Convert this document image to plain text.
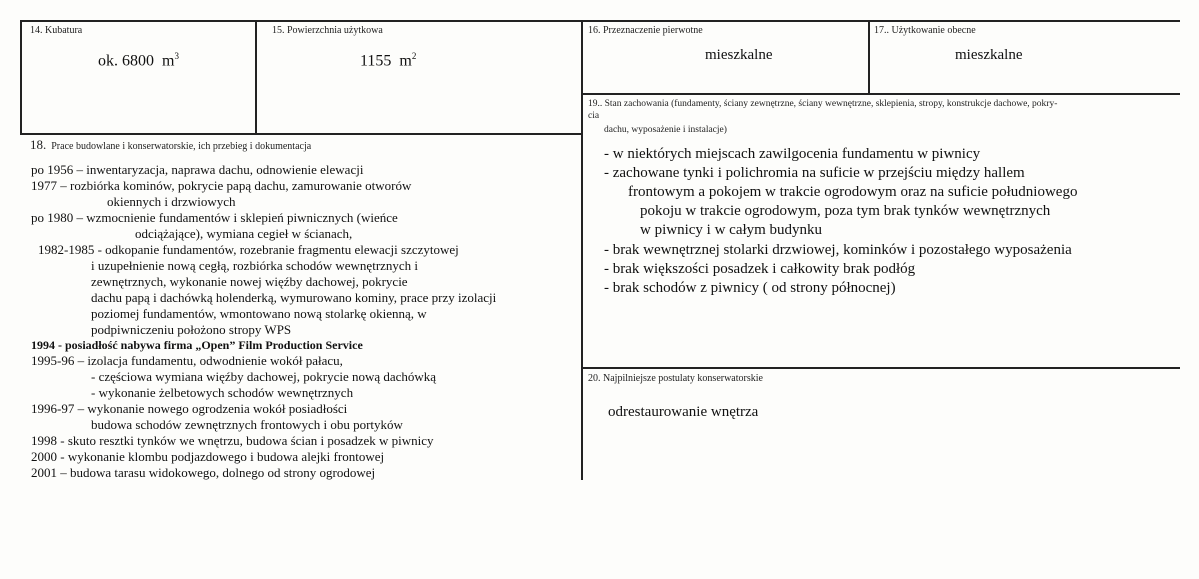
14. Kubatura
ok. 6800 $m^3$
15. Powierzchnia użytkowa
1155 $m^2$
16. Przeznaczenie pierwotne
mieszkalne
17.. Użytkowanie obecne
mieszkalne
19.. Stan zachowania (fundamenty, ściany zewnętrzne, ściany wewnętrzne, sklepienia, stropy, konstrukcje dachowe, pokry-
cia
dachu, wyposażenie i instalacje)
- w niektórych miejscach zawilgocenia fundamentu w piwnicy
- zachowane tynki i polichromia na suficie w przejściu między hallem
frontowym a pokojem w trakcie ogrodowym oraz na suficie południowego
pokoju w trakcie ogrodowym, poza tym brak tynków wewnętrznych
w piwnicy i w całym budynku
- brak wewnętrznej stolarki drzwiowej, kominków i pozostałego wyposażenia
- brak większości posadzek i całkowity brak podłóg
- brak schodów z piwnicy ( od strony północnej)
20. Najpilniejsze postulaty konserwatorskie
odrestaurowanie wnętrza
18. Prace budowlane i konserwatorskie, ich przebieg i dokumentacja
po 1956 – inwentaryzacja, naprawa dachu, odnowienie elewacji
1977 – rozbiórka kominów, pokrycie papą dachu, zamurowanie otworów
okiennych i drzwiowych
po 1980 – wzmocnienie fundamentów i sklepień piwnicznych (wieńce
odciążające), wymiana cegieł w ścianach,
1982-1985 - odkopanie fundamentów, rozebranie fragmentu elewacji szczytowej
i uzupełnienie nową cegłą, rozbiórka schodów wewnętrznych i
zewnętrznych, wykonanie nowej więźby dachowej, pokrycie
dachu papą i dachówką holenderką, wymurowano kominy, prace przy izolacji
poziomej fundamentów, wmontowano nową stolarkę okienną, w
podpiwniczeniu położono stropy WPS
1994 - posiadłość nabywa firma „Open” Film Production Service
1995-96 – izolacja fundamentu, odwodnienie wokół pałacu,
- częściowa wymiana więźby dachowej, pokrycie nową dachówką
- wykonanie żelbetowych schodów wewnętrznych
1996-97 – wykonanie nowego ogrodzenia wokół posiadłości
budowa schodów zewnętrznych frontowych i obu portyków
1998 - skuto resztki tynków we wnętrzu, budowa ścian i posadzek w piwnicy
2000 - wykonanie klombu podjazdowego i budowa alejki frontowej
2001 – budowa tarasu widokowego, dolnego od strony ogrodowej
